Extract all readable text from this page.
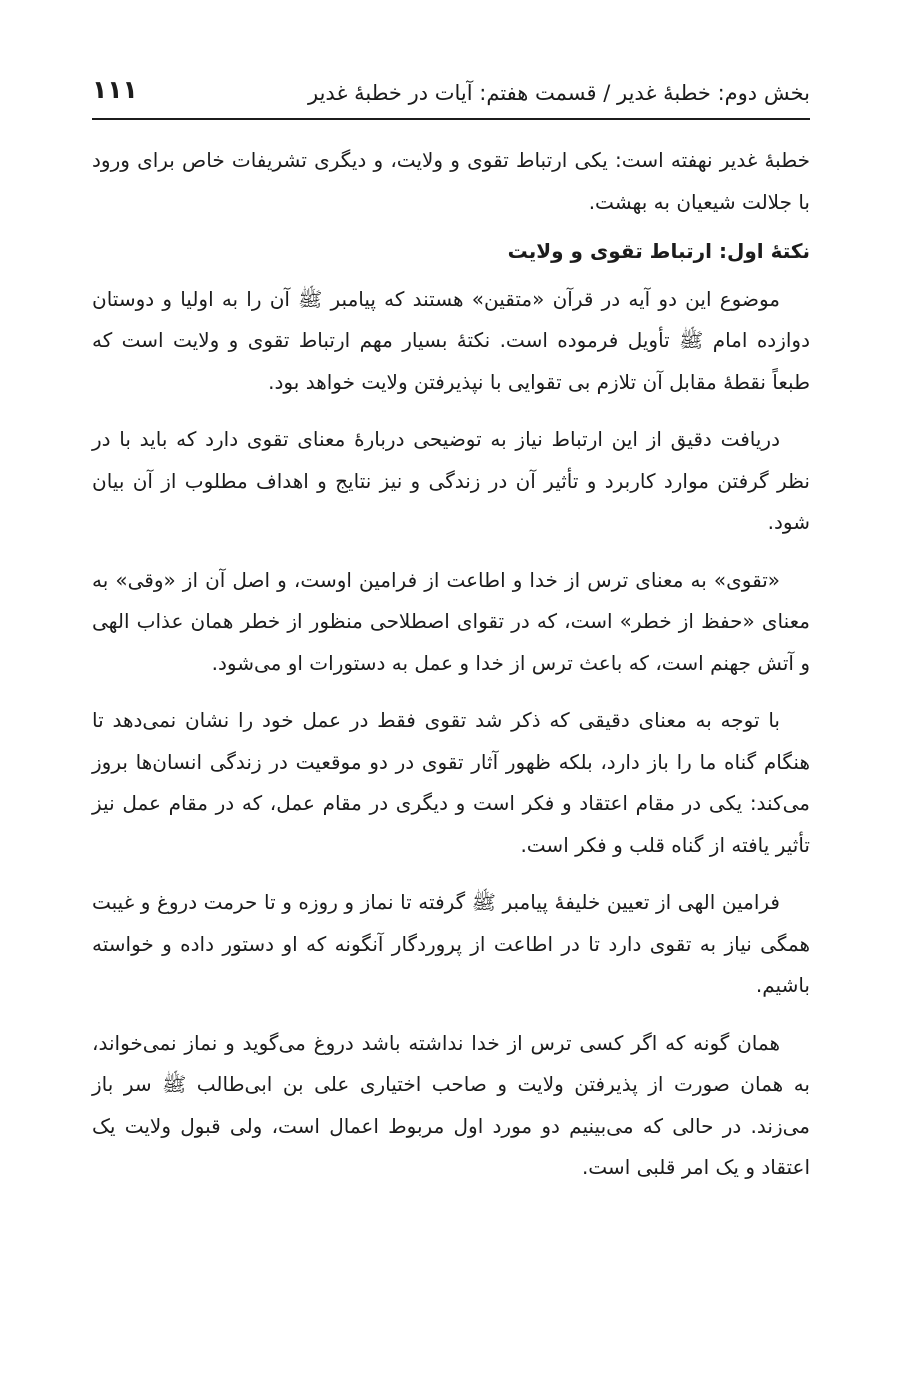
بخش دوم: خطبۀ غدیر / قسمت هفتم: آیات در خطبۀ غدیر
۱۱۱

خطبۀ غدیر نهفته است: یکی ارتباط تقوی و ولایت، و دیگری تشریفات خاص برای ورود با جلالت شیعیان به بهشت.

نکتۀ اول: ارتباط تقوی و ولایت

موضوع این دو آیه در قرآن «متقین» هستند که پیامبر ﷺ آن را به اولیا و دوستان دوازده امام ﷺ تأویل فرموده است. نکتۀ بسیار مهم ارتباط تقوی و ولایت است که طبعاً نقطۀ مقابل آن تلازم بی تقوایی با نپذیرفتن ولایت خواهد بود.

دریافت دقیق از این ارتباط نیاز به توضیحی دربارۀ معنای تقوی دارد که باید با در نظر گرفتن موارد کاربرد و تأثیر آن در زندگی و نیز نتایج و اهداف مطلوب از آن بیان شود.

«تقوی» به معنای ترس از خدا و اطاعت از فرامین اوست، و اصل آن از «وقی» به معنای «حفظ از خطر» است، که در تقوای اصطلاحی منظور از خطر همان عذاب الهی و آتش جهنم است، که باعث ترس از خدا و عمل به دستورات او می‌شود.

با توجه به معنای دقیقی که ذکر شد تقوی فقط در عمل خود را نشان نمی‌دهد تا هنگام گناه ما را باز دارد، بلکه ظهور آثار تقوی در دو موقعیت در زندگی انسان‌ها بروز می‌کند: یکی در مقام اعتقاد و فکر است و دیگری در مقام عمل، که در مقام عمل نیز تأثیر یافته از گناه قلب و فکر است.

فرامین الهی از تعیین خلیفۀ پیامبر ﷺ گرفته تا نماز و روزه و تا حرمت دروغ و غیبت همگی نیاز به تقوی دارد تا در اطاعت از پروردگار آنگونه که او دستور داده و خواسته باشیم.

همان گونه که اگر کسی ترس از خدا نداشته باشد دروغ می‌گوید و نماز نمی‌خواند، به همان صورت از پذیرفتن ولایت و صاحب اختیاری علی بن ابی‌طالب ﷺ سر باز می‌زند. در حالی که می‌بینیم دو مورد اول مربوط اعمال است، ولی قبول ولایت یک اعتقاد و یک امر قلبی است.
